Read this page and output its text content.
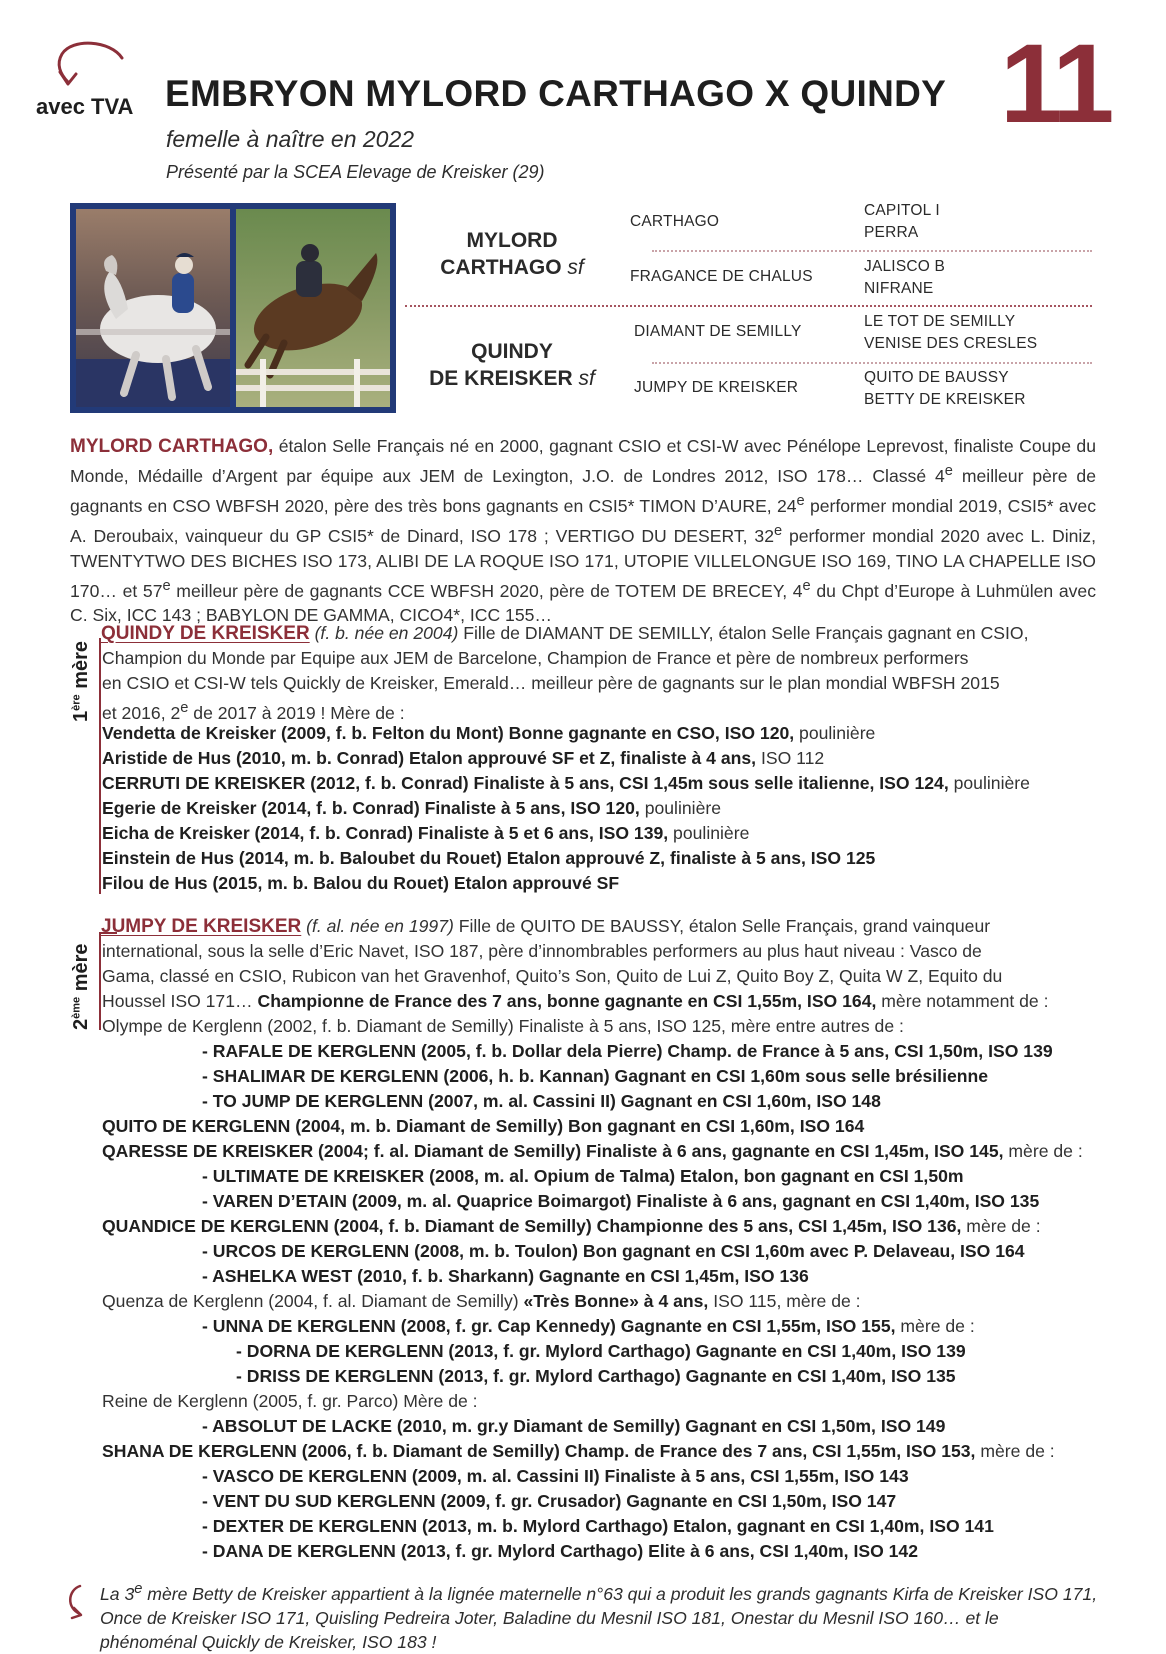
avec TVA EMBRYON MYLORD CARTHAGO X QUINDY
femelle à naître en 2022
Présenté par la SCEA Elevage de Kreisker (29)
11
MYLORD
CARTHAGO sf
QUINDY
DE KREISKER sf
CARTHAGO
FRAGANCE DE CHALUS
DIAMANT DE SEMILLY
JUMPY DE KREISKER
CAPITOL I
PERRA
JALISCO B
NIFRANE
LE TOT DE SEMILLY
VENISE DES CRESLES
QUITO DE BAUSSY
BETTY DE KREISKER
MYLORD CARTHAGO, étalon Selle Français né en 2000, gagnant CSIO et CSI-W avec Pénélope Leprevost, finaliste Coupe du Monde, Médaille d’Argent par équipe aux JEM de Lexington, J.O. de Londres 2012, ISO 178… Classé 4e meilleur père de gagnants en CSO WBFSH 2020, père des très bons gagnants en CSI5* TIMON D’AURE, 24e performer mondial 2019, CSI5* avec A. Deroubaix, vainqueur du GP CSI5* de Dinard, ISO 178 ; VERTIGO DU DESERT, 32e performer mondial 2020 avec L. Diniz, TWENTYTWO DES BICHES ISO 173, ALIBI DE LA ROQUE ISO 171, UTOPIE VILLELONGUE ISO 169, TINO LA CHAPELLE ISO 170… et 57e meilleur père de gagnants CCE WBFSH 2020, père de TOTEM DE BRECEY, 4e du Chpt d’Europe à Luhmülen avec C. Six, ICC 143 ; BABYLON DE GAMMA, CICO4*, ICC 155…
1ère mère
QUINDY DE KREISKER (f. b. née en 2004) Fille de DIAMANT DE SEMILLY, étalon Selle Français gagnant en CSIO,
Champion du Monde par Equipe aux JEM de Barcelone, Champion de France et père de nombreux performers
en CSIO et CSI-W tels Quickly de Kreisker, Emerald… meilleur père de gagnants sur le plan mondial WBFSH 2015
et 2016, 2e de 2017 à 2019 ! Mère de :
Vendetta de Kreisker (2009, f. b. Felton du Mont) Bonne gagnante en CSO, ISO 120, poulinière
Aristide de Hus (2010, m. b. Conrad) Etalon approuvé SF et Z, finaliste à 4 ans, ISO 112
CERRUTI DE KREISKER (2012, f. b. Conrad) Finaliste à 5 ans, CSI 1,45m sous selle italienne, ISO 124, poulinière
Egerie de Kreisker (2014, f. b. Conrad) Finaliste à 5 ans, ISO 120, poulinière
Eicha de Kreisker (2014, f. b. Conrad) Finaliste à 5 et 6 ans, ISO 139, poulinière
Einstein de Hus (2014, m. b. Baloubet du Rouet) Etalon approuvé Z, finaliste à 5 ans, ISO 125
Filou de Hus (2015, m. b. Balou du Rouet) Etalon approuvé SF
2ème mère
JUMPY DE KREISKER (f. al. née en 1997) Fille de QUITO DE BAUSSY, étalon Selle Français, grand vainqueur
international, sous la selle d’Eric Navet, ISO 187, père d’innombrables performers au plus haut niveau : Vasco de
Gama, classé en CSIO, Rubicon van het Gravenhof, Quito’s Son, Quito de Lui Z, Quito Boy Z, Quita W Z, Equito du
Houssel ISO 171… Championne de France des 7 ans, bonne gagnante en CSI 1,55m, ISO 164, mère notamment de :
Olympe de Kerglenn (2002, f. b. Diamant de Semilly) Finaliste à 5 ans, ISO 125, mère entre autres de :
- RAFALE DE KERGLENN (2005, f. b. Dollar dela Pierre) Champ. de France à 5 ans, CSI 1,50m, ISO 139
- SHALIMAR DE KERGLENN (2006, h. b. Kannan) Gagnant en CSI 1,60m sous selle brésilienne
- TO JUMP DE KERGLENN (2007, m. al. Cassini II) Gagnant en CSI 1,60m, ISO 148
QUITO DE KERGLENN (2004, m. b. Diamant de Semilly) Bon gagnant en CSI 1,60m, ISO 164
QARESSE DE KREISKER (2004; f. al. Diamant de Semilly) Finaliste à 6 ans, gagnante en CSI 1,45m, ISO 145, mère de :
- ULTIMATE DE KREISKER (2008, m. al. Opium de Talma) Etalon, bon gagnant en CSI 1,50m
- VAREN D’ETAIN (2009, m. al. Quaprice Boimargot) Finaliste à 6 ans, gagnant en CSI 1,40m, ISO 135
QUANDICE DE KERGLENN (2004, f. b. Diamant de Semilly) Championne des 5 ans, CSI 1,45m, ISO 136, mère de :
- URCOS DE KERGLENN (2008, m. b. Toulon) Bon gagnant en CSI 1,60m avec P. Delaveau, ISO 164
- ASHELKA WEST (2010, f. b. Sharkann) Gagnante en CSI 1,45m, ISO 136
Quenza de Kerglenn (2004, f. al. Diamant de Semilly) «Très Bonne» à 4 ans, ISO 115, mère de :
- UNNA DE KERGLENN (2008, f. gr. Cap Kennedy) Gagnante en CSI 1,55m, ISO 155, mère de :
- DORNA DE KERGLENN (2013, f. gr. Mylord Carthago) Gagnante en CSI 1,40m, ISO 139
- DRISS DE KERGLENN (2013, f. gr. Mylord Carthago) Gagnante en CSI 1,40m, ISO 135
Reine de Kerglenn (2005, f. gr. Parco) Mère de :
- ABSOLUT DE LACKE (2010, m. gr.y Diamant de Semilly) Gagnant en CSI 1,50m, ISO 149
SHANA DE KERGLENN (2006, f. b. Diamant de Semilly) Champ. de France des 7 ans, CSI 1,55m, ISO 153, mère de :
- VASCO DE KERGLENN (2009, m. al. Cassini II) Finaliste à 5 ans, CSI 1,55m, ISO 143
- VENT DU SUD KERGLENN (2009, f. gr. Crusador) Gagnante en CSI 1,50m, ISO 147
- DEXTER DE KERGLENN (2013, m. b. Mylord Carthago) Etalon, gagnant en CSI 1,40m, ISO 141
- DANA DE KERGLENN (2013, f. gr. Mylord Carthago) Elite à 6 ans, CSI 1,40m, ISO 142
La 3e mère Betty de Kreisker appartient à la lignée maternelle n°63 qui a produit les grands gagnants Kirfa de Kreisker ISO 171, Once de Kreisker ISO 171, Quisling Pedreira Joter, Baladine du Mesnil ISO 181, Onestar du Mesnil ISO 160… et le phénoménal Quickly de Kreisker, ISO 183 !
